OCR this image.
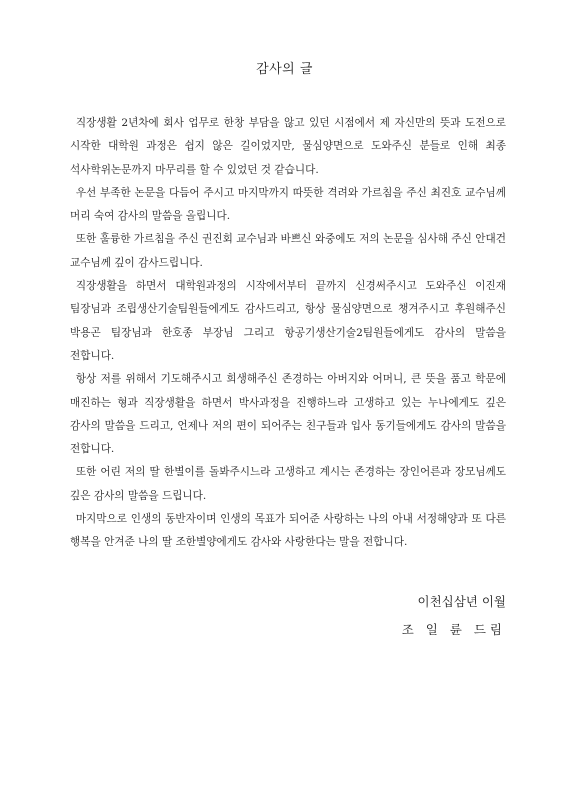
감사의 글

직장생활 2년차에 회사 업무로 한창 부담을 않고 있던 시점에서 제 자신만의 뜻과 도전으로 시작한 대학원 과정은 쉽지 않은 길이었지만, 물심양면으로 도와주신 분들로 인해 최종 석사학위논문까지 마무리를 할 수 있었던 것 같습니다.

우선 부족한 논문을 다듬어 주시고 마지막까지 따뜻한 격려와 가르침을 주신 최진호 교수님께 머리 숙여 감사의 말씀을 올립니다.

또한 훌륭한 가르침을 주신 권진회 교수님과 바쁘신 와중에도 저의 논문을 심사해 주신 안대건 교수님께 깊이 감사드립니다.

직장생활을 하면서 대학원과정의 시작에서부터 끝까지 신경써주시고 도와주신 이진재 팀장님과 조립생산기술팀원들에게도 감사드리고, 항상 물심양면으로 챙겨주시고 후원해주신 박용곤 팀장님과 한호종 부장님 그리고 항공기생산기술2팀원들에게도 감사의 말씀을 전합니다.

항상 저를 위해서 기도해주시고 희생해주신 존경하는 아버지와 어머니, 큰 뜻을 품고 학문에 매진하는 형과 직장생활을 하면서 박사과정을 진행하느라 고생하고 있는 누나에게도 깊은 감사의 말씀을 드리고, 언제나 저의 편이 되어주는 친구들과 입사 동기들에게도 감사의 말씀을 전합니다.

또한 어린 저의 딸 한별이를 돌봐주시느라 고생하고 계시는 존경하는 장인어른과 장모님께도 깊은 감사의 말씀을 드립니다.

마지막으로 인생의 동반자이며 인생의 목표가 되어준 사랑하는 나의 아내 서정해양과 또 다른 행복을 안겨준 나의 딸 조한별양에게도 감사와 사랑한다는 말을 전합니다.

이천십삼년 이월
조 일 륜 드림
